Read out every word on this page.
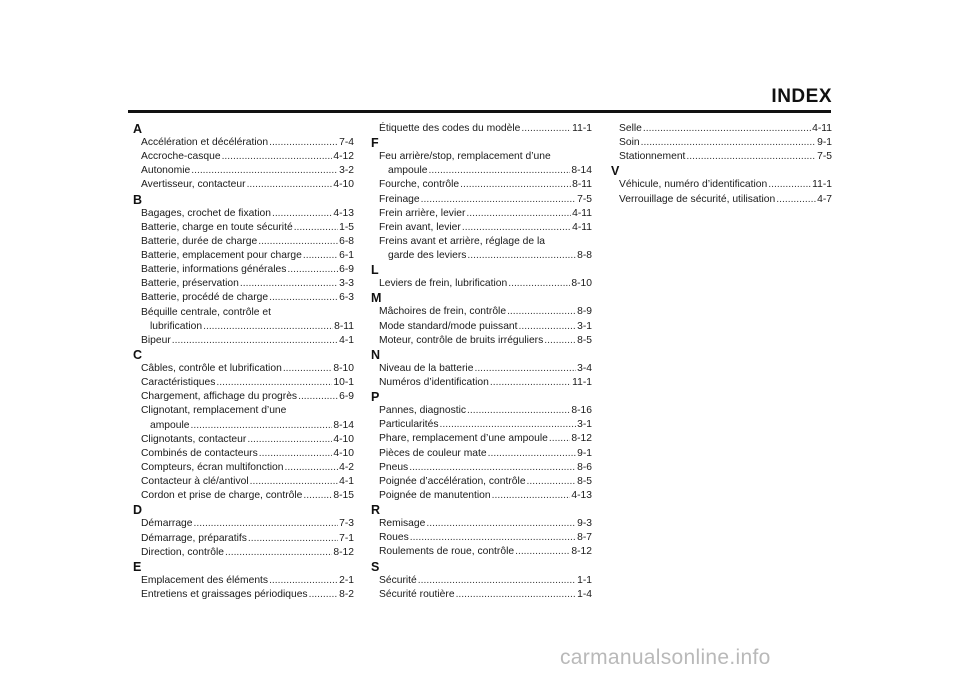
INDEX
A
Accélération et décélération .....	7-4
Accroche-casque .....	4-12
Autonomie .....	3-2
Avertisseur, contacteur .....	4-10
B
Bagages, crochet de fixation .....	4-13
Batterie, charge en toute sécurité .....	1-5
Batterie, durée de charge .....	6-8
Batterie, emplacement pour charge .....	6-1
Batterie, informations générales .....	6-9
Batterie, préservation .....	3-3
Batterie, procédé de charge .....	6-3
Béquille centrale, contrôle et
lubrification .....	8-11
Bipeur .....	4-1
C
Câbles, contrôle et lubrification .....	8-10
Caractéristiques .....	10-1
Chargement, affichage du progrès .....	6-9
Clignotant, remplacement d’une
ampoule .....	8-14
Clignotants, contacteur .....	4-10
Combinés de contacteurs .....	4-10
Compteurs, écran multifonction .....	4-2
Contacteur à clé/antivol .....	4-1
Cordon et prise de charge, contrôle .....	8-15
D
Démarrage .....	7-3
Démarrage, préparatifs .....	7-1
Direction, contrôle .....	8-12
E
Emplacement des éléments .....	2-1
Entretiens et graissages périodiques .....	8-2
Étiquette des codes du modèle .....	11-1
F
Feu arrière/stop, remplacement d’une
ampoule .....	8-14
Fourche, contrôle .....	8-11
Freinage .....	7-5
Frein arrière, levier .....	4-11
Frein avant, levier .....	4-11
Freins avant et arrière, réglage de la
garde des leviers .....	8-8
L
Leviers de frein, lubrification .....	8-10
M
Mâchoires de frein, contrôle .....	8-9
Mode standard/mode puissant .....	3-1
Moteur, contrôle de bruits irréguliers .....	8-5
N
Niveau de la batterie .....	3-4
Numéros d’identification .....	11-1
P
Pannes, diagnostic .....	8-16
Particularités .....	3-1
Phare, remplacement d’une ampoule ..... 8-12
Pièces de couleur mate .....	9-1
Pneus .....	8-6
Poignée d’accélération, contrôle .....	8-5
Poignée de manutention .....	4-13
R
Remisage .....	9-3
Roues .....	8-7
Roulements de roue, contrôle .....	8-12
S
Sécurité .....	1-1
Sécurité routière .....	1-4
Selle .....	4-11
Soin .....	9-1
Stationnement .....	7-5
V
Véhicule, numéro d’identification .....	11-1
Verrouillage de sécurité, utilisation .....	4-7
carmanualsonline.info
